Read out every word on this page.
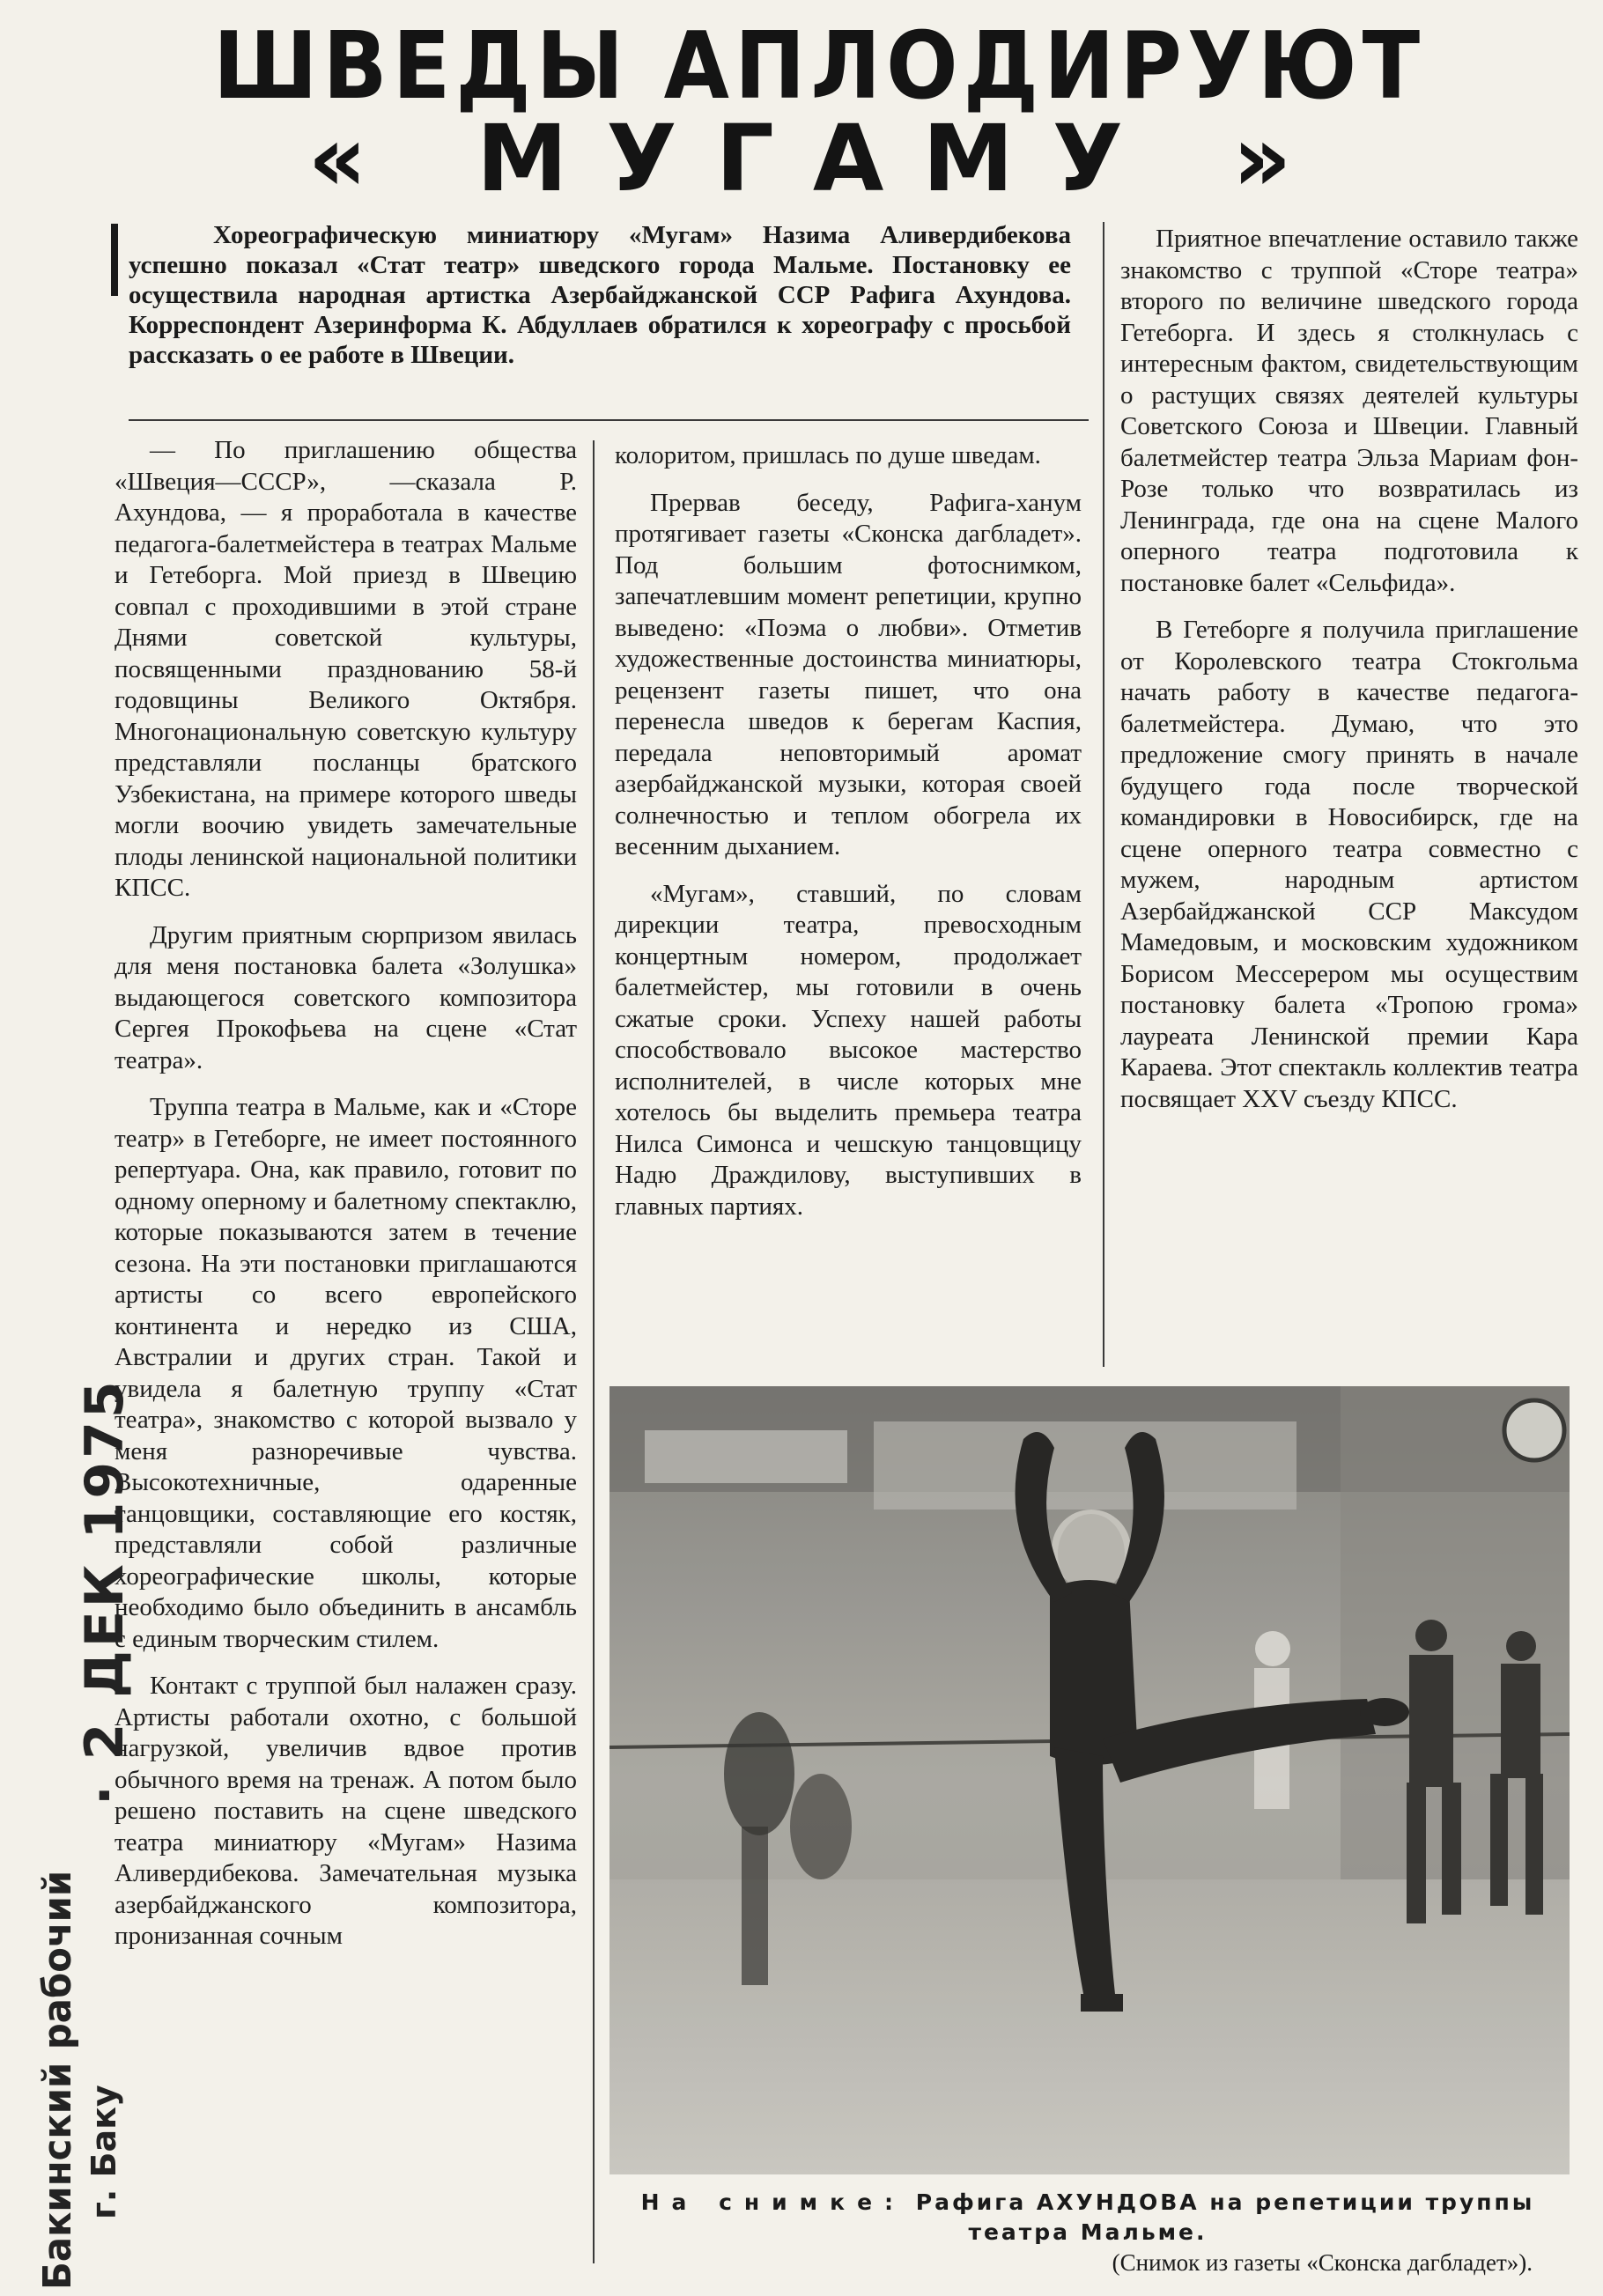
ШВЕДЫ АПЛОДИРУЮТ
« МУГАМУ »

Хореографическую миниатюру «Мугам» Назима Аливердибекова успешно показал «Стат театр» шведского города Мальме. Постановку ее осуществила народная артистка Азербайджанской ССР Рафига Ахундова. Корреспондент Азеринформа К. Абдуллаев обратился к хореографу с просьбой рассказать о ее работе в Швеции.

— По приглашению общества «Швеция—СССР», —сказала Р. Ахундова, — я проработала в качестве педагога-балетмейстера в театрах Мальме и Гетеборга. Мой приезд в Швецию совпал с проходившими в этой стране Днями советской культуры, посвященными празднованию 58-й годовщины Великого Октября. Многонациональную советскую культуру представляли посланцы братского Узбекистана, на примере которого шведы могли воочию увидеть замечательные плоды ленинской национальной политики КПСС.

Другим приятным сюрпризом явилась для меня постановка балета «Золушка» выдающегося советского композитора Сергея Прокофьева на сцене «Стат театра».

Труппа театра в Мальме, как и «Сторе театр» в Гетеборге, не имеет постоянного репертуара. Она, как правило, готовит по одному оперному и балетному спектаклю, которые показываются затем в течение сезона. На эти постановки приглашаются артисты со всего европейского континента и нередко из США, Австралии и других стран. Такой и увидела я балетную труппу «Стат театра», знакомство с которой вызвало у меня разноречивые чувства. Высокотехничные, одаренные танцовщики, составляющие его костяк, представляли собой различные хореографические школы, которые необходимо было объединить в ансамбль с единым творческим стилем.

Контакт с труппой был налажен сразу. Артисты работали охотно, с большой нагрузкой, увеличив вдвое против обычного время на тренаж. А потом было решено поставить на сцене шведского театра миниатюру «Мугам» Назима Аливердибекова. Замечательная музыка азербайджанского композитора, пронизанная сочным

колоритом, пришлась по душе шведам.

Прервав беседу, Рафига-ханум протягивает газеты «Сконска дагбладет». Под большим фотоснимком, запечатлевшим момент репетиции, крупно выведено: «Поэма о любви». Отметив художественные достоинства миниатюры, рецензент газеты пишет, что она перенесла шведов к берегам Каспия, передала неповторимый аромат азербайджанской музыки, которая своей солнечностью и теплом обогрела их весенним дыханием.

«Мугам», ставший, по словам дирекции театра, превосходным концертным номером, продолжает балетмейстер, мы готовили в очень сжатые сроки. Успеху нашей работы способствовало высокое мастерство исполнителей, в числе которых мне хотелось бы выделить премьера театра Нилса Симонса и чешскую танцовщицу Надю Драждилову, выступивших в главных партиях.

Приятное впечатление оставило также знакомство с труппой «Сторе театра» второго по величине шведского города Гетеборга. И здесь я столкнулась с интересным фактом, свидетельствующим о растущих связях деятелей культуры Советского Союза и Швеции. Главный балетмейстер театра Эльза Мариам фон-Розе только что возвратилась из Ленинграда, где она на сцене Малого оперного театра подготовила к постановке балет «Сельфида».

В Гетеборге я получила приглашение от Королевского театра Стокгольма начать работу в качестве педагога-балетмейстера. Думаю, что это предложение смогу принять в начале будущего года после творческой командировки в Новосибирск, где на сцене оперного театра совместно с мужем, народным артистом Азербайджанской ССР Максудом Мамедовым, и московским художником Борисом Мессерером мы осуществим постановку балета «Тропою грома» лауреата Ленинской премии Кара Караева. Этот спектакль коллектив театра посвящает XXV съезду КПСС.

На снимке: Рафига АХУНДОВА на репетиции труппы театра Мальме.
(Снимок из газеты «Сконска дагбладет»).
· 2 ДЕК 1975
Бакинский рабочий г. Баку
